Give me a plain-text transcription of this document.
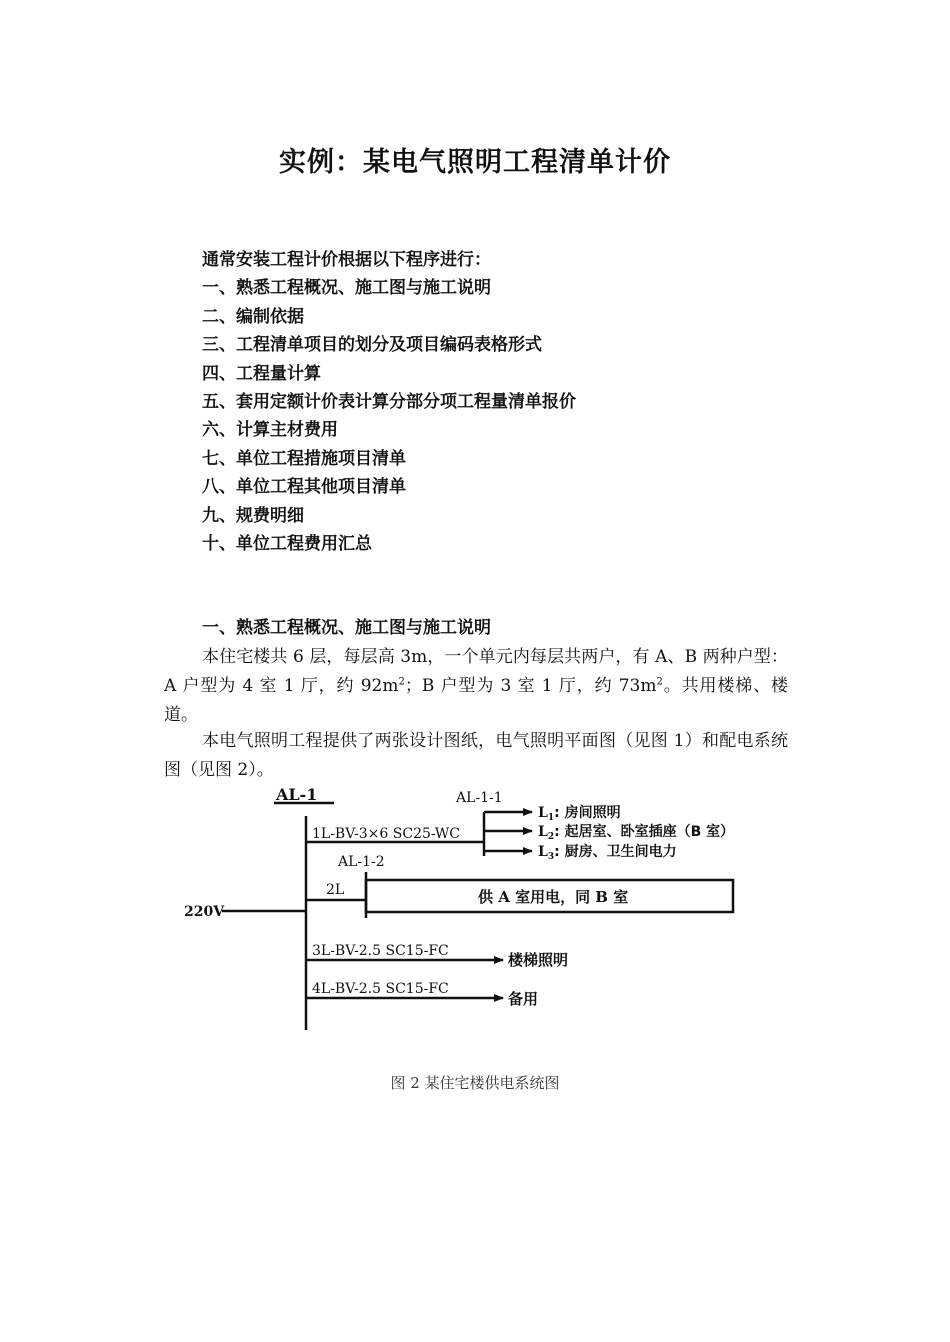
实例：某电气照明工程清单计价
通常安装工程计价根据以下程序进行：
一、熟悉工程概况、施工图与施工说明
二、编制依据
三、工程清单项目的划分及项目编码表格形式
四、工程量计算
五、套用定额计价表计算分部分项工程量清单报价
六、计算主材费用
七、单位工程措施项目清单
八、单位工程其他项目清单
九、规费明细
十、单位工程费用汇总
一、熟悉工程概况、施工图与施工说明

本住宅楼共 6 层，每层高 3m，一个单元内每层共两户，有 A、B 两种户型：A 户型为 4 室 1 厅，约 $92m^2$；B 户型为 3 室 1 厅，约 $73m^2$。共用楼梯、楼道。

本电气照明工程提供了两张设计图纸，电气照明平面图（见图 1）和配电系统图（见图 2）。

AL-1
220V
1L-BV-3×6 SC25-WC
AL-1-1
$L_1$: 房间照明
$L_2$: 起居室、卧室插座（B 室）
$L_3$: 厨房、卫生间电力
AL-1-2
2L	供 A 室用电，同 B 室
3L-BV-2.5 SC15-FC	楼梯照明
4L-BV-2.5 SC15-FC
备用

图 2 某住宅楼供电系统图
